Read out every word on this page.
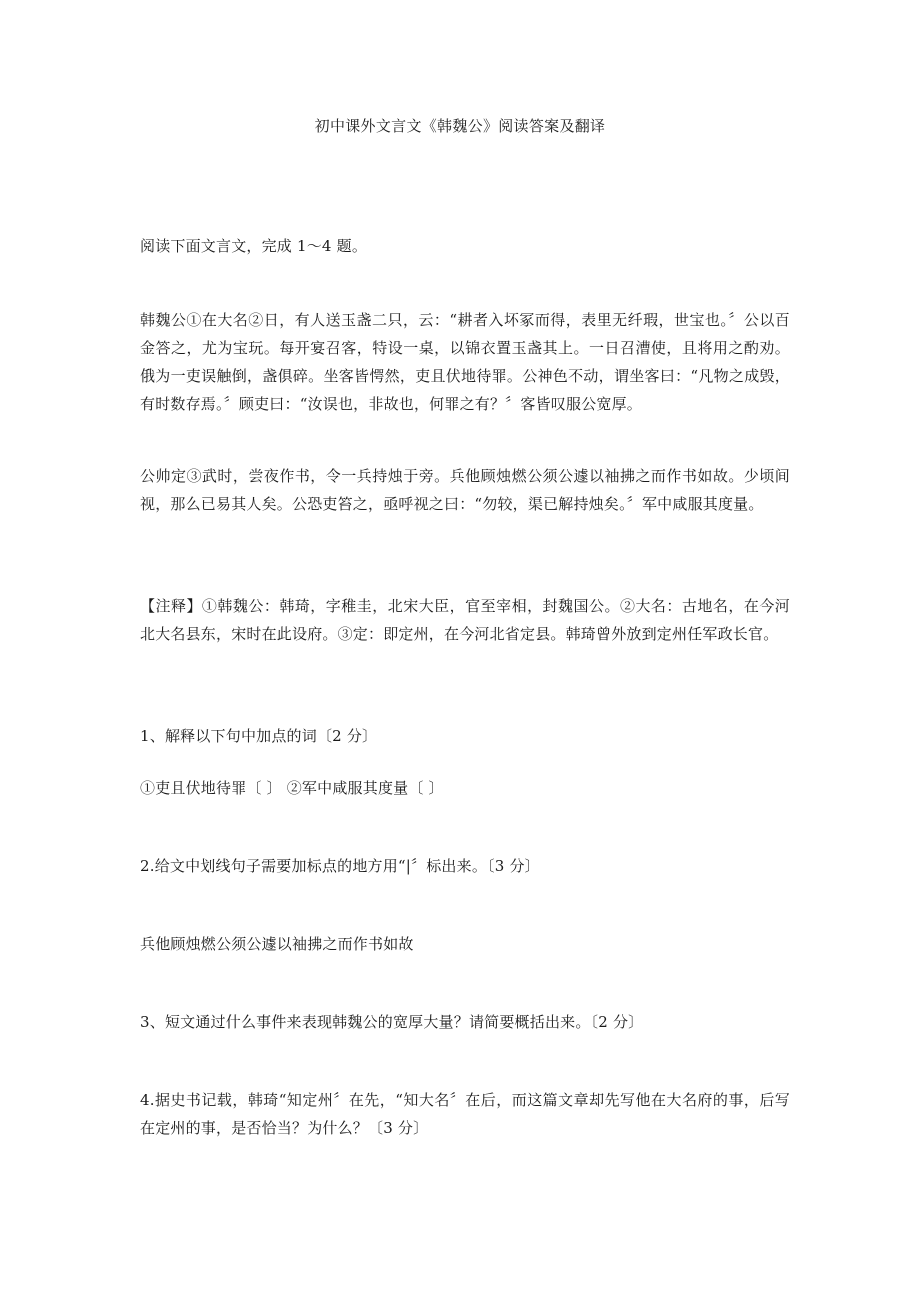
初中课外文言文《韩魏公》阅读答案及翻译

阅读下面文言文，完成 1～4 题。

韩魏公①在大名②日，有人送玉盏二只，云：“耕者入坏冢而得，表里无纤瑕，世宝也。〞公以百金答之，尤为宝玩。每开宴召客，特设一桌，以锦衣置玉盏其上。一日召漕使，且将用之酌劝。俄为一吏误触倒，盏俱碎。坐客皆愕然，吏且伏地待罪。公神色不动，谓坐客曰：“凡物之成毁，有时数存焉。〞顾吏曰：“汝误也，非故也，何罪之有？〞客皆叹服公宽厚。

公帅定③武时，尝夜作书，令一兵持烛于旁。兵他顾烛燃公须公遽以袖拂之而作书如故。少顷间视，那么已易其人矣。公恐吏笞之，亟呼视之曰：“勿较，渠已解持烛矣。〞军中咸服其度量。

【注释】①韩魏公：韩琦，字稚圭，北宋大臣，官至宰相，封魏国公。②大名：古地名，在今河北大名县东，宋时在此设府。③定：即定州，在今河北省定县。韩琦曾外放到定州任军政长官。

1、解释以下句中加点的词〔2 分〕

①吏且伏地待罪〔 〕 ②军中咸服其度量〔 〕

2.给文中划线句子需要加标点的地方用“|〞标出来。〔3 分〕

兵他顾烛燃公须公遽以袖拂之而作书如故

3、短文通过什么事件来表现韩魏公的宽厚大量？请简要概括出来。〔2 分〕

4.据史书记载，韩琦“知定州〞在先，“知大名〞在后，而这篇文章却先写他在大名府的事，后写在定州的事，是否恰当？为什么？〔3 分〕
